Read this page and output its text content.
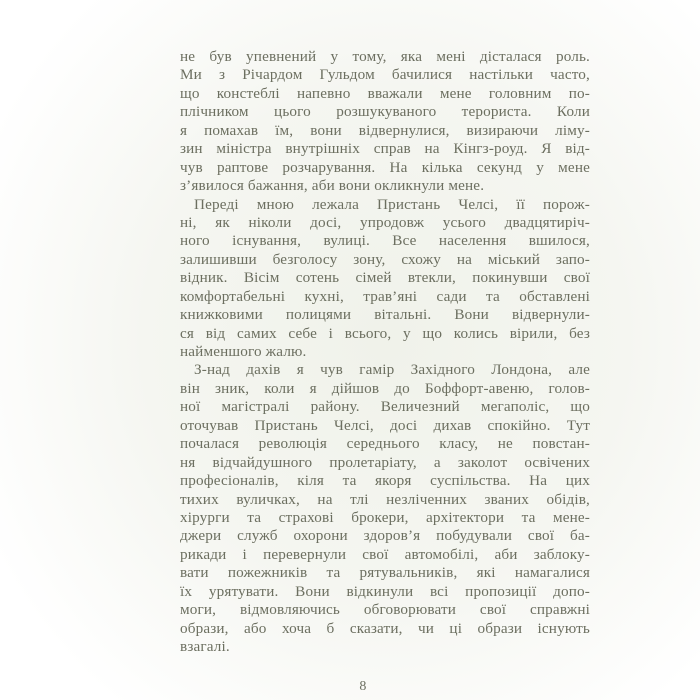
не був упевнений у тому, яка мені дісталася роль.
Ми з Річардом Гульдом бачилися настільки часто,
що констеблі напевно вважали мене головним по-
плічником цього розшукуваного терориста. Коли
я помахав їм, вони відвернулися, визираючи ліму-
зин міністра внутрішніх справ на Кінгз-роуд. Я від-
чув раптове розчарування. На кілька секунд у мене
з’явилося бажання, аби вони окликнули мене.
Переді мною лежала Пристань Челсі, її порож-
ні, як ніколи досі, упродовж усього двадцятиріч-
ного існування, вулиці. Все населення вшилося,
залишивши безголосу зону, схожу на міський запо-
відник. Вісім сотень сімей втекли, покинувши свої
комфортабельні кухні, трав’яні сади та обставлені
книжковими полицями вітальні. Вони відвернули-
ся від самих себе і всього, у що колись вірили, без
найменшого жалю.
З-над дахів я чув гамір Західного Лондона, але
він зник, коли я дійшов до Боффорт-авеню, голов-
ної магістралі району. Величезний мегаполіс, що
оточував Пристань Челсі, досі дихав спокійно. Тут
почалася революція середнього класу, не повстан-
ня відчайдушного пролетаріату, а заколот освічених
професіоналів, кіля та якоря суспільства. На цих
тихих вуличках, на тлі незліченних званих обідів,
хірурги та страхові брокери, архітектори та мене-
джери служб охорони здоров’я побудували свої ба-
рикади і перевернули свої автомобілі, аби заблоку-
вати пожежників та рятувальників, які намагалися
їх урятувати. Вони відкинули всі пропозиції допо-
моги, відмовляючись обговорювати свої справжні
образи, або хоча б сказати, чи ці образи існують
взагалі.
8
